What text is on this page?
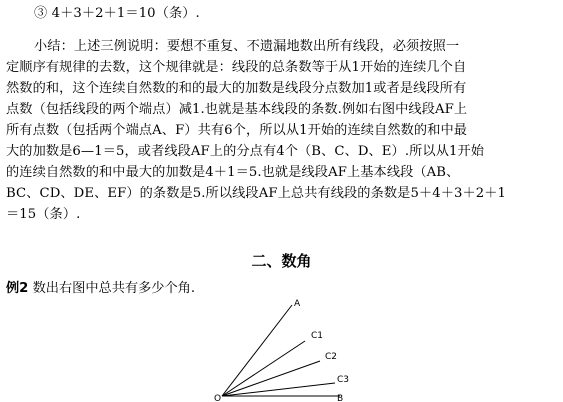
③ 4＋3＋2＋1＝10（条）.
小结：上述三例说明：要想不重复、不遗漏地数出所有线段，必须按照一
定顺序有规律的去数，这个规律就是：线段的总条数等于从1开始的连续几个自
然数的和，这个连续自然数的和的最大的加数是线段分点数加1或者是线段所有
点数（包括线段的两个端点）减1.也就是基本线段的条数.例如右图中线段AF上
所有点数（包括两个端点A、F）共有6个，所以从1开始的连续自然数的和中最
大的加数是6—1＝5，或者线段AF上的分点有4个（B、C、D、E）.所以从1开始
的连续自然数的和中最大的加数是4＋1＝5.也就是线段AF上基本线段（AB、
BC、CD、DE、EF）的条数是5.所以线段AF上总共有线段的条数是5＋4＋3＋2＋1
＝15（条）.
二、数角
例2 数出右图中总共有多少个角.
A
C1
C2
C3
B
O
